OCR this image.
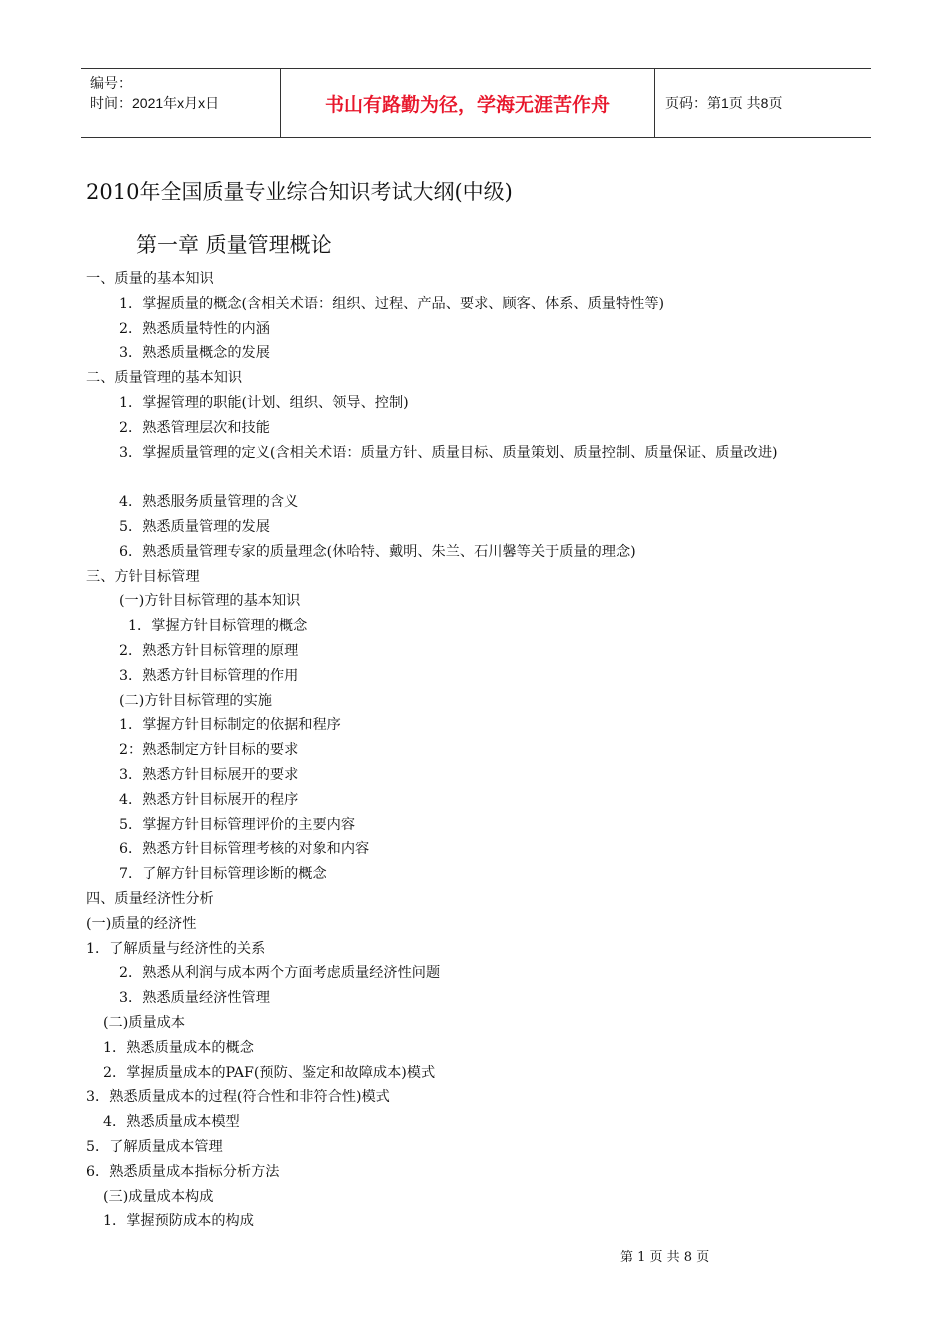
编号：
时间：2021年x月x日	书山有路勤为径，学海无涯苦作舟	页码：第1页 共8页
2010年全国质量专业综合知识考试大纲(中级)
第一章 质量管理概论
一、质量的基本知识
1．掌握质量的概念(含相关术语：组织、过程、产品、要求、顾客、体系、质量特性等)
2．熟悉质量特性的内涵
3．熟悉质量概念的发展
二、质量管理的基本知识
1．掌握管理的职能(计划、组织、领导、控制)
2．熟悉管理层次和技能
3．掌握质量管理的定义(含相关术语：质量方针、质量目标、质量策划、质量控制、质量保证、质量改进)
4．熟悉服务质量管理的含义
5．熟悉质量管理的发展
6．熟悉质量管理专家的质量理念(休哈特、戴明、朱兰、石川馨等关于质量的理念)
三、方针目标管理
(一)方针目标管理的基本知识
1．掌握方针目标管理的概念
2．熟悉方针目标管理的原理
3．熟悉方针目标管理的作用
(二)方针目标管理的实施
1．掌握方针目标制定的依据和程序
2：熟悉制定方针目标的要求
3．熟悉方针目标展开的要求
4．熟悉方针目标展开的程序
5．掌握方针目标管理评价的主要内容
6．熟悉方针目标管理考核的对象和内容
7．了解方针目标管理诊断的概念
四、质量经济性分析
(一)质量的经济性
1．了解质量与经济性的关系
2．熟悉从利润与成本两个方面考虑质量经济性问题
3．熟悉质量经济性管理
(二)质量成本
1．熟悉质量成本的概念
2．掌握质量成本的PAF(预防、鉴定和故障成本)模式
3．熟悉质量成本的过程(符合性和非符合性)模式
4．熟悉质量成本模型
5．了解质量成本管理
6．熟悉质量成本指标分析方法
(三)成量成本构成
1．掌握预防成本的构成
第 1 页 共 8 页
